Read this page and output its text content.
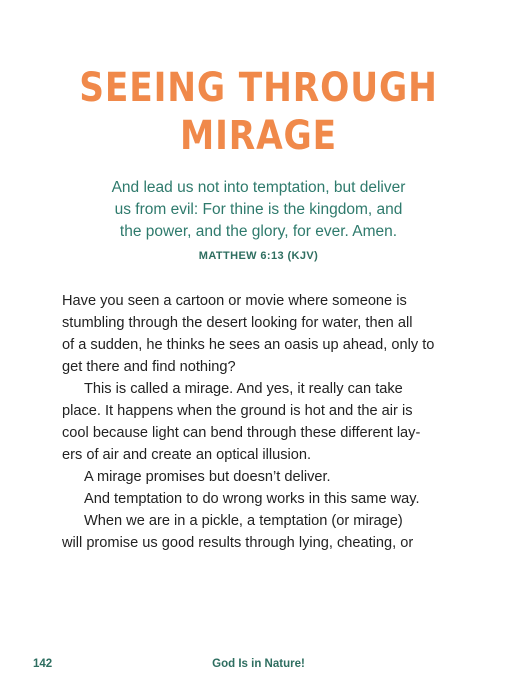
SEEING THROUGH
MIRAGE
And lead us not into temptation, but deliver
us from evil: For thine is the kingdom, and
the power, and the glory, for ever. Amen.
MATTHEW 6:13 (KJV)
Have you seen a cartoon or movie where someone is
stumbling through the desert looking for water, then all
of a sudden, he thinks he sees an oasis up ahead, only to
get there and find nothing?
This is called a mirage. And yes, it really can take
place. It happens when the ground is hot and the air is
cool because light can bend through these different lay-
ers of air and create an optical illusion.
A mirage promises but doesn’t deliver.
And temptation to do wrong works in this same way.
When we are in a pickle, a temptation (or mirage)
will promise us good results through lying, cheating, or
142	God Is in Nature!
